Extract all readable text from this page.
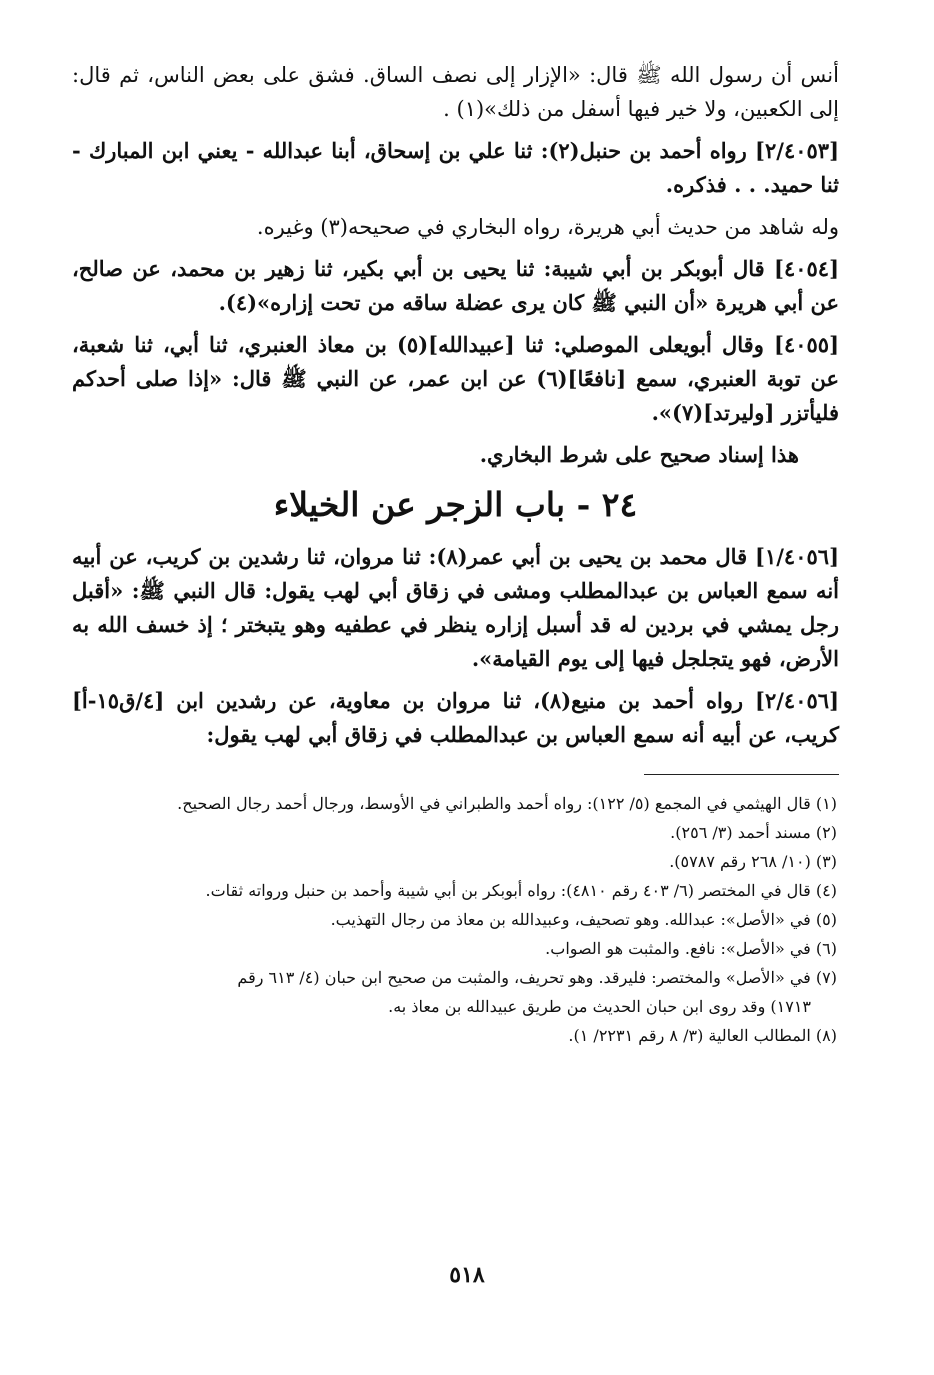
أنس أن رسول الله ﷺ قال: «الإزار إلى نصف الساق. فشق على بعض الناس، ثم قال: إلى الكعبين، ولا خير فيها أسفل من ذلك»(١) .

[٢/٤٠٥٣] رواه أحمد بن حنبل(٢): ثنا علي بن إسحاق، أبنا عبدالله - يعني ابن المبارك - ثنا حميد. . . فذكره.

وله شاهد من حديث أبي هريرة، رواه البخاري في صحيحه(٣) وغيره.

[٤٠٥٤] قال أبوبكر بن أبي شيبة: ثنا يحيى بن أبي بكير، ثنا زهير بن محمد، عن صالح، عن أبي هريرة «أن النبي ﷺ كان يرى عضلة ساقه من تحت إزاره»(٤).

[٤٠٥٥] وقال أبويعلى الموصلي: ثنا [عبيدالله](٥) بن معاذ العنبري، ثنا أبي، ثنا شعبة، عن توبة العنبري، سمع [نافعًا](٦) عن ابن عمر، عن النبي ﷺ قال: «إذا صلى أحدكم فليأتزر [وليرتد](٧)».

هذا إسناد صحيح على شرط البخاري.

٢٤ - باب الزجر عن الخيلاء

[١/٤٠٥٦] قال محمد بن يحيى بن أبي عمر(٨): ثنا مروان، ثنا رشدين بن كريب، عن أبيه أنه سمع العباس بن عبدالمطلب ومشى في زقاق أبي لهب يقول: قال النبي ﷺ: «أقبل رجل يمشي في بردين له قد أسبل إزاره ينظر في عطفيه وهو يتبختر ؛ إذ خسف الله به الأرض، فهو يتجلجل فيها إلى يوم القيامة».

[٢/٤٠٥٦] رواه أحمد بن منيع(٨)، ثنا مروان بن معاوية، عن رشدين ابن [٤/ق١٥-أ] كريب، عن أبيه أنه سمع العباس بن عبدالمطلب في زقاق أبي لهب يقول:

(١) قال الهيثمي في المجمع (٥/ ١٢٢): رواه أحمد والطبراني في الأوسط، ورجال أحمد رجال الصحيح.

(٢) مسند أحمد (٣/ ٢٥٦).

(٣) (١٠/ ٢٦٨ رقم ٥٧٨٧).

(٤) قال في المختصر (٦/ ٤٠٣ رقم ٤٨١٠): رواه أبوبكر بن أبي شيبة وأحمد بن حنبل ورواته ثقات.

(٥) في «الأصل»: عبدالله. وهو تصحيف، وعبيدالله بن معاذ من رجال التهذيب.

(٦) في «الأصل»: نافع. والمثبت هو الصواب.

(٧) في «الأصل» والمختصر: فليرقد. وهو تحريف، والمثبت من صحيح ابن حبان (٤/ ٦١٣ رقم

١٧١٣) وقد روى ابن حبان الحديث من طريق عبيدالله بن معاذ به.

(٨) المطالب العالية (٣/ ٨ رقم ٢٢٣١/ ١).

٥١٨
